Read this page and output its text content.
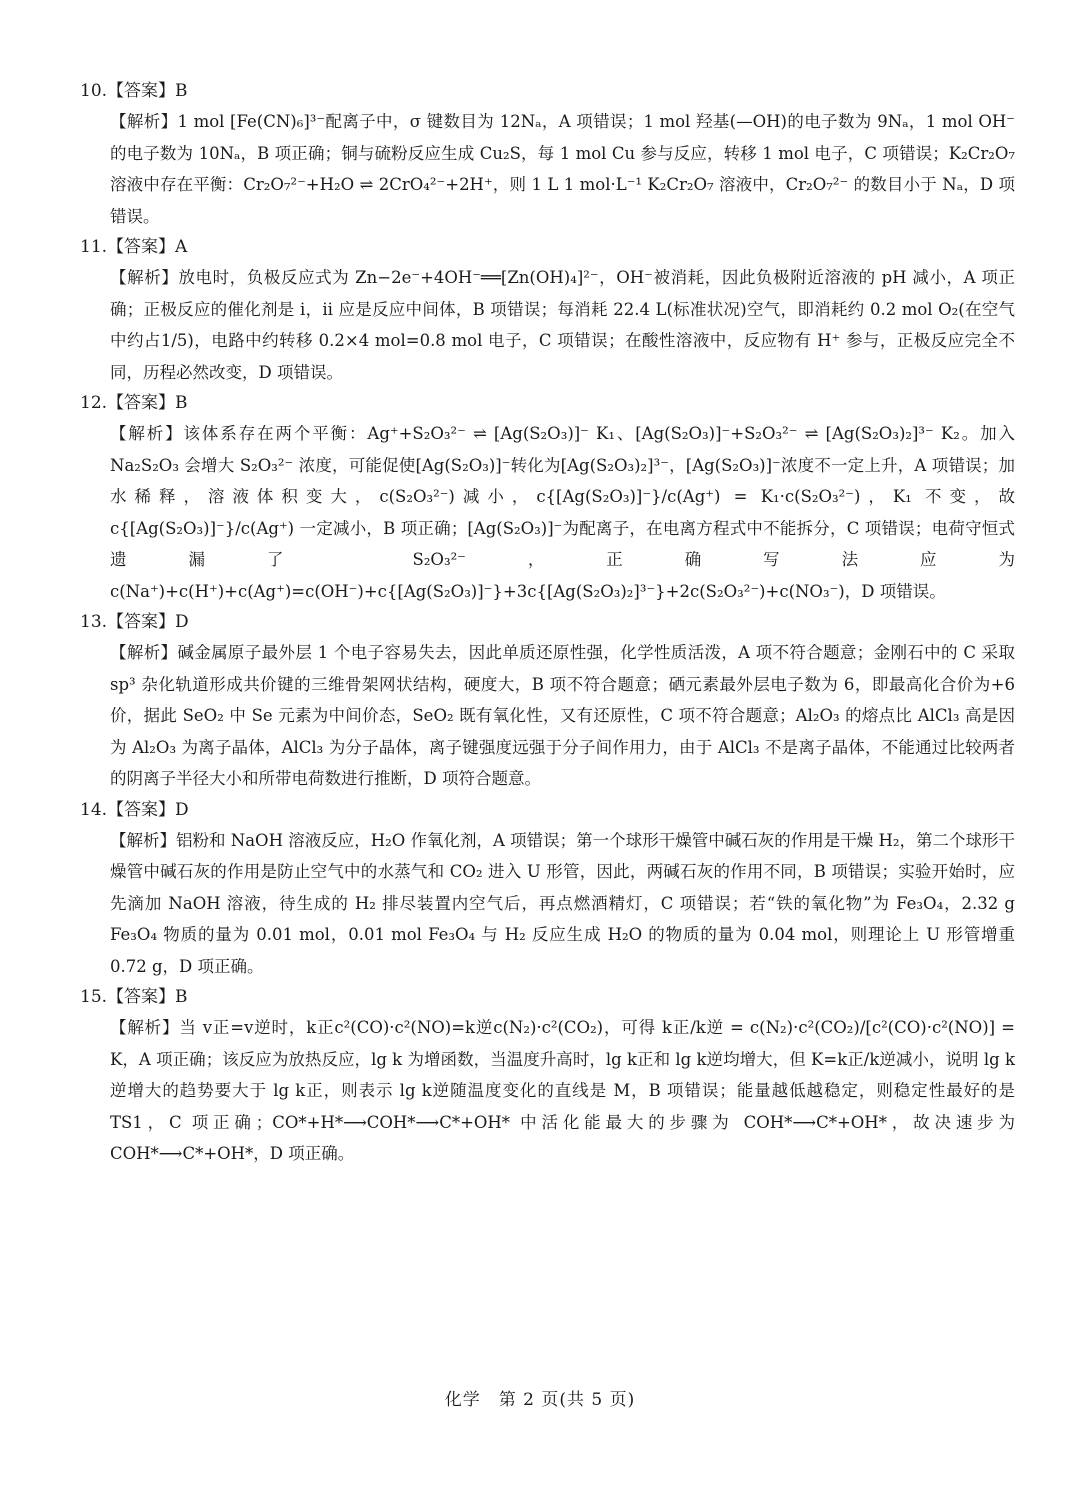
10.【答案】B

【解析】1 mol [Fe(CN)₆]³⁻配离子中，σ 键数目为 12Nₐ，A 项错误；1 mol 羟基(—OH)的电子数为 9Nₐ，1 mol OH⁻的电子数为 10Nₐ，B 项正确；铜与硫粉反应生成 Cu₂S，每 1 mol Cu 参与反应，转移 1 mol 电子，C 项错误；K₂Cr₂O₇ 溶液中存在平衡：Cr₂O₇²⁻+H₂O ⇌ 2CrO₄²⁻+2H⁺，则 1 L 1 mol·L⁻¹ K₂Cr₂O₇ 溶液中，Cr₂O₇²⁻ 的数目小于 Nₐ，D 项错误。

11.【答案】A

【解析】放电时，负极反应式为 Zn−2e⁻+4OH⁻══[Zn(OH)₄]²⁻，OH⁻被消耗，因此负极附近溶液的 pH 减小，A 项正确；正极反应的催化剂是 i，ii 应是反应中间体，B 项错误；每消耗 22.4 L(标准状况)空气，即消耗约 0.2 mol O₂(在空气中约占1/5)，电路中约转移 0.2×4 mol=0.8 mol 电子，C 项错误；在酸性溶液中，反应物有 H⁺ 参与，正极反应完全不同，历程必然改变，D 项错误。

12.【答案】B

【解析】该体系存在两个平衡：Ag⁺+S₂O₃²⁻ ⇌ [Ag(S₂O₃)]⁻ K₁、[Ag(S₂O₃)]⁻+S₂O₃²⁻ ⇌ [Ag(S₂O₃)₂]³⁻ K₂。加入 Na₂S₂O₃ 会增大 S₂O₃²⁻ 浓度，可能促使[Ag(S₂O₃)]⁻转化为[Ag(S₂O₃)₂]³⁻，[Ag(S₂O₃)]⁻浓度不一定上升，A 项错误；加水稀释，溶液体积变大，c(S₂O₃²⁻)减小，c{[Ag(S₂O₃)]⁻}/c(Ag⁺) = K₁·c(S₂O₃²⁻)，K₁ 不变，故 c{[Ag(S₂O₃)]⁻}/c(Ag⁺) 一定减小，B 项正确；[Ag(S₂O₃)]⁻为配离子，在电离方程式中不能拆分，C 项错误；电荷守恒式遗漏了 S₂O₃²⁻，正确写法应为 c(Na⁺)+c(H⁺)+c(Ag⁺)=c(OH⁻)+c{[Ag(S₂O₃)]⁻}+3c{[Ag(S₂O₃)₂]³⁻}+2c(S₂O₃²⁻)+c(NO₃⁻)，D 项错误。

13.【答案】D

【解析】碱金属原子最外层 1 个电子容易失去，因此单质还原性强，化学性质活泼，A 项不符合题意；金刚石中的 C 采取 sp³ 杂化轨道形成共价键的三维骨架网状结构，硬度大，B 项不符合题意；硒元素最外层电子数为 6，即最高化合价为+6 价，据此 SeO₂ 中 Se 元素为中间价态，SeO₂ 既有氧化性，又有还原性，C 项不符合题意；Al₂O₃ 的熔点比 AlCl₃ 高是因为 Al₂O₃ 为离子晶体，AlCl₃ 为分子晶体，离子键强度远强于分子间作用力，由于 AlCl₃ 不是离子晶体，不能通过比较两者的阴离子半径大小和所带电荷数进行推断，D 项符合题意。

14.【答案】D

【解析】铝粉和 NaOH 溶液反应，H₂O 作氧化剂，A 项错误；第一个球形干燥管中碱石灰的作用是干燥 H₂，第二个球形干燥管中碱石灰的作用是防止空气中的水蒸气和 CO₂ 进入 U 形管，因此，两碱石灰的作用不同，B 项错误；实验开始时，应先滴加 NaOH 溶液，待生成的 H₂ 排尽装置内空气后，再点燃酒精灯，C 项错误；若“铁的氧化物”为 Fe₃O₄，2.32 g Fe₃O₄ 物质的量为 0.01 mol，0.01 mol Fe₃O₄ 与 H₂ 反应生成 H₂O 的物质的量为 0.04 mol，则理论上 U 形管增重 0.72 g，D 项正确。

15.【答案】B

【解析】当 v正=v逆时，k正c²(CO)·c²(NO)=k逆c(N₂)·c²(CO₂)，可得 k正/k逆 = c(N₂)·c²(CO₂)/[c²(CO)·c²(NO)] = K，A 项正确；该反应为放热反应，lg k 为增函数，当温度升高时，lg k正和 lg k逆均增大，但 K=k正/k逆减小，说明 lg k逆增大的趋势要大于 lg k正，则表示 lg k逆随温度变化的直线是 M，B 项错误；能量越低越稳定，则稳定性最好的是 TS1，C 项正确；CO*+H*⟶COH*⟶C*+OH* 中活化能最大的步骤为 COH*⟶C*+OH*，故决速步为 COH*⟶C*+OH*，D 项正确。

化学　第 2 页(共 5 页)
